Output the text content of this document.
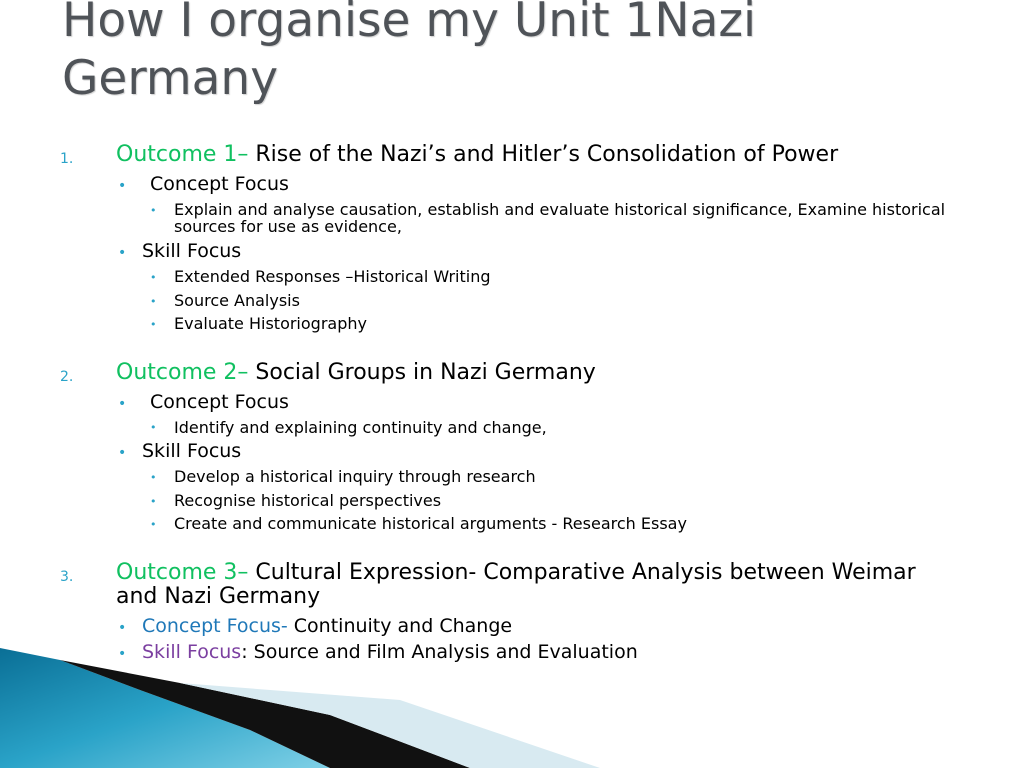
How I organise my Unit 1Nazi Germany
1. Outcome 1– Rise of the Nazi’s and Hitler’s Consolidation of Power
• Concept Focus
• Explain and analyse causation, establish and evaluate historical significance, Examine historical sources for use as evidence,
• Skill Focus
• Extended Responses –Historical Writing
• Source Analysis
• Evaluate Historiography
2. Outcome 2– Social Groups in Nazi Germany
• Concept Focus
• Identify and explaining continuity and change,
• Skill Focus
• Develop a historical inquiry through research
• Recognise historical perspectives
• Create and communicate historical arguments - Research Essay
3. Outcome 3– Cultural Expression- Comparative Analysis between Weimar and Nazi Germany
• Concept Focus- Continuity and Change
• Skill Focus: Source and Film Analysis and Evaluation
